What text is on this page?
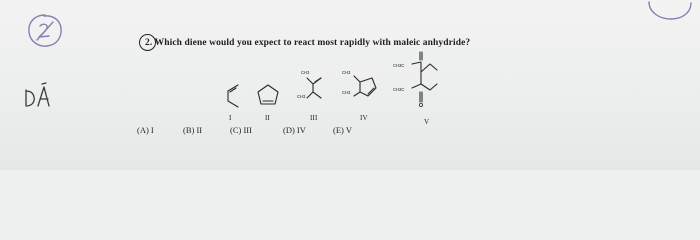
2. Which diene would you expect to react most rapidly with maleic anhydride?
CH3
CH3
CH3
CH3
CH3C
CH3C
I	II	III	IV	V
(A) I	(B) II	(C) III	(D) IV	(E) V
